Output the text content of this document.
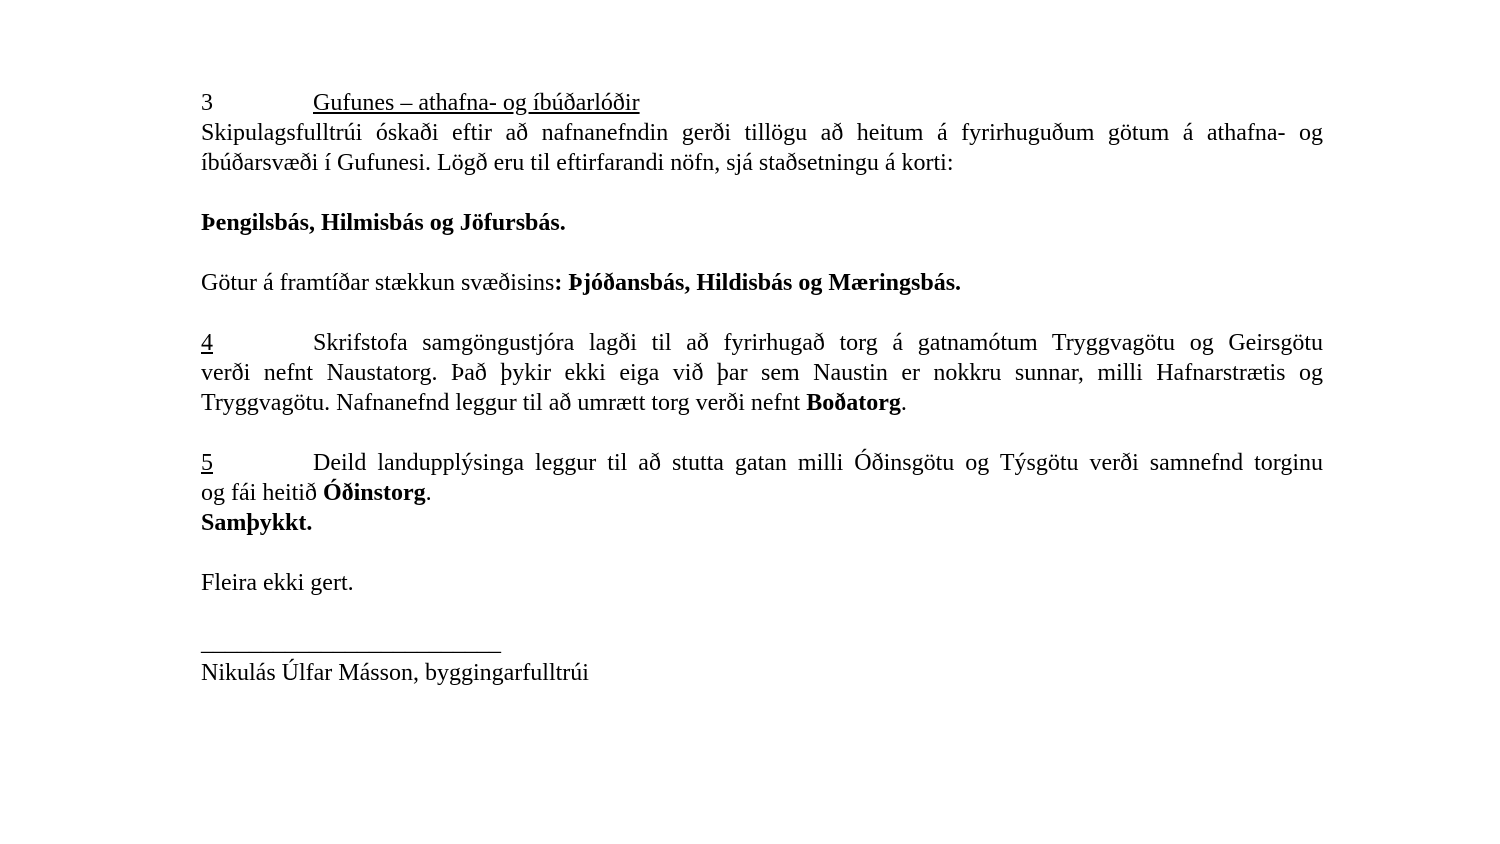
3	Gufunes – athafna- og íbúðarlóðir
Skipulagsfulltrúi óskaði eftir að nafnanefndin gerði tillögu að heitum á fyrirhuguðum götum á athafna- og
íbúðarsvæði í Gufunesi. Lögð eru til eftirfarandi nöfn, sjá staðsetningu á korti:
Þengilsbás, Hilmisbás og Jöfursbás.
Götur á framtíðar stækkun svæðisins: Þjóðansbás, Hildisbás og Mæringsbás.
4	Skrifstofa samgöngustjóra lagði til að fyrirhugað torg á gatnamótum Tryggvagötu og Geirsgötu
verði nefnt Naustatorg. Það þykir ekki eiga við þar sem Naustin er nokkru sunnar, milli Hafnarstrætis og
Tryggvagötu. Nafnanefnd leggur til að umrætt torg verði nefnt Boðatorg.
5	Deild landupplýsinga leggur til að stutta gatan milli Óðinsgötu og Týsgötu verði samnefnd torginu
og fái heitið Óðinstorg.
Samþykkt.
Fleira ekki gert.
_________________________
Nikulás Úlfar Másson, byggingarfulltrúi
